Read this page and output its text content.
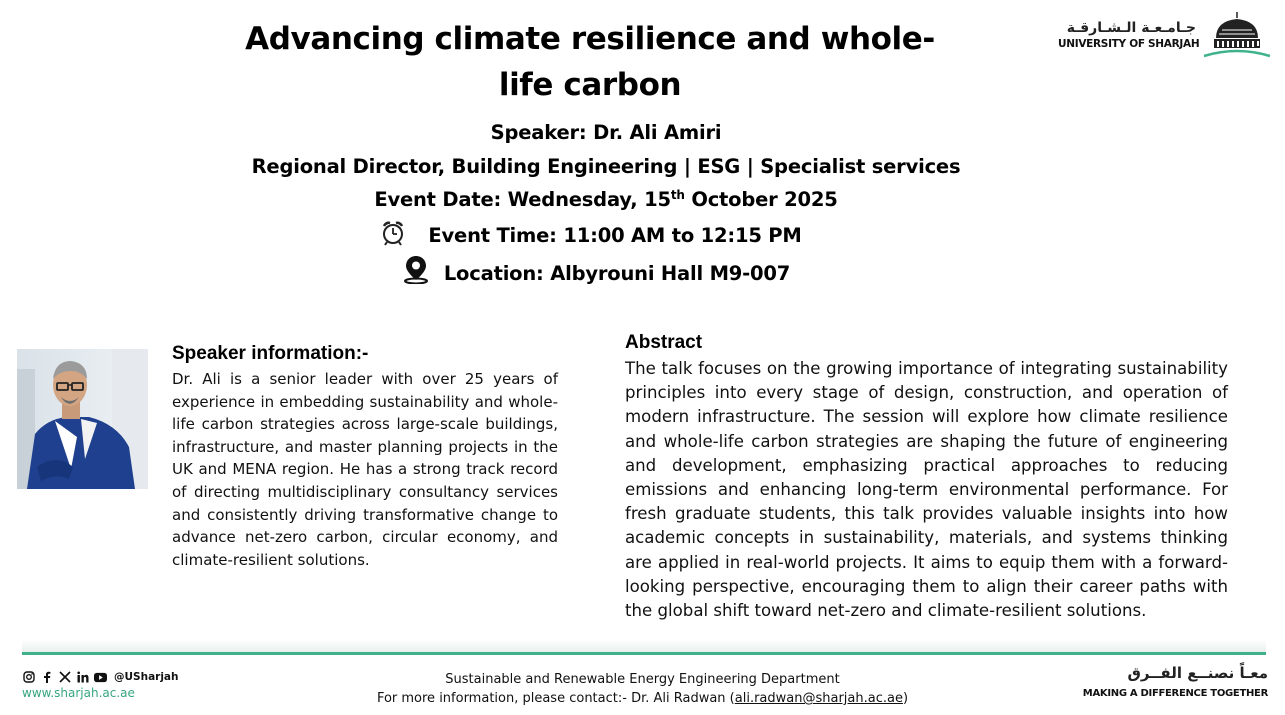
Advancing climate resilience and whole-life carbon
Speaker: Dr. Ali Amiri
Regional Director, Building Engineering | ESG | Specialist services
Event Date: Wednesday, 15th October 2025
Event Time: 11:00 AM to 12:15 PM
Location: Albyrouni Hall M9-007
جـامـعـة الـشـارقـة
UNIVERSITY OF SHARJAH
Speaker information:-
Dr. Ali is a senior leader with over 25 years of experience in embedding sustainability and whole-life carbon strategies across large-scale buildings, infrastructure, and master planning projects in the UK and MENA region. He has a strong track record of directing multidisciplinary consultancy services and consistently driving transformative change to advance net-zero carbon, circular economy, and climate-resilient solutions.
Abstract
The talk focuses on the growing importance of integrating sustainability principles into every stage of design, construction, and operation of modern infrastructure. The session will explore how climate resilience and whole-life carbon strategies are shaping the future of engineering and development, emphasizing practical approaches to reducing emissions and enhancing long-term environmental performance. For fresh graduate students, this talk provides valuable insights into how academic concepts in sustainability, materials, and systems thinking are applied in real-world projects. It aims to equip them with a forward-looking perspective, encouraging them to align their career paths with the global shift toward net-zero and climate-resilient solutions.
@USharjah
www.sharjah.ac.ae
Sustainable and Renewable Energy Engineering Department
For more information, please contact:- Dr. Ali Radwan (ali.radwan@sharjah.ac.ae)
معـاً نصنــع الفــرق
MAKING A DIFFERENCE TOGETHER
